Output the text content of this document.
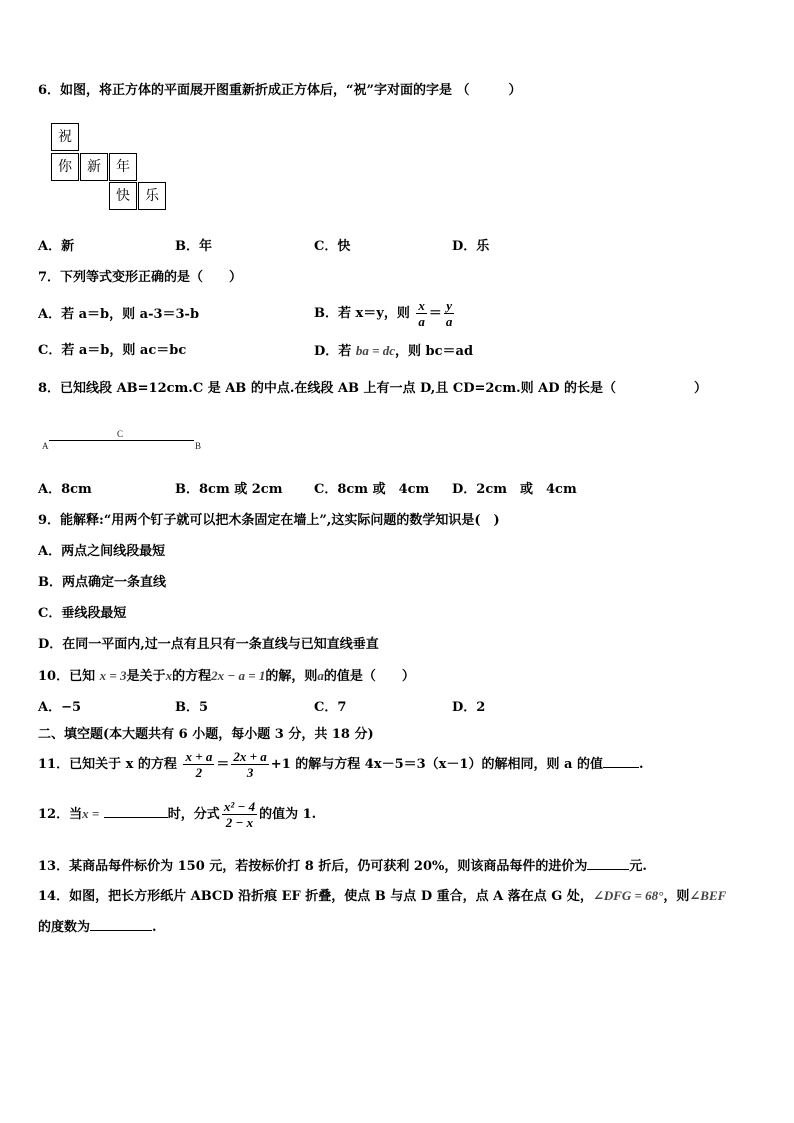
6．如图，将正方体的平面展开图重新折成正方体后，“祝”字对面的字是 （　　　）
祝
你	新	年
快	乐
A．新	B．年	C．快	D．乐
7．下列等式变形正确的是（　　）
A．若 a＝b，则 a-3＝3-b	B．若 x＝y，则 $\frac{x}{a} = \frac{y}{a}$
C．若 a＝b，则 ac＝bc	D．若 ba = dc，则 bc＝ad
8．已知线段 AB=12cm.C 是 AB 的中点.在线段 AB 上有一点 D,且 CD=2cm.则 AD 的长是（　　　　　　）
A
C
B
A．8cm	B．8cm 或 2cm C．8cm 或　4cm D．2cm　或　4cm
9．能解释:“用两个钉子就可以把木条固定在墙上”,这实际问题的数学知识是(　)
A．两点之间线段最短
B．两点确定一条直线
C．垂线段最短
D．在同一平面内,过一点有且只有一条直线与已知直线垂直
10．已知 x = 3是关于x的方程2x − a = 1的解，则a的值是（　　）
A．−5	B．5	C．7	D．2
二、填空题(本大题共有 6 小题，每小题 3 分，共 18 分)
11．已知关于 x 的方程 $\frac{x + a}{2} = \frac{2x + a}{3} +1$ 的解与方程 4x－5＝3（x－1）的解相同，则 a 的值	.
12．当x =	时，分式 $\frac{\text{x² − 4}}{2 - x}$ 的值为 1.
13．某商品每件标价为 150 元，若按标价打 8 折后，仍可获利 20%，则该商品每件的进价为	元.
14．如图，把长方形纸片 ABCD 沿折痕 EF 折叠，使点 B 与点 D 重合，点 A 落在点 G 处，∠DFG = 68°，则∠BEF
的度数为	.
